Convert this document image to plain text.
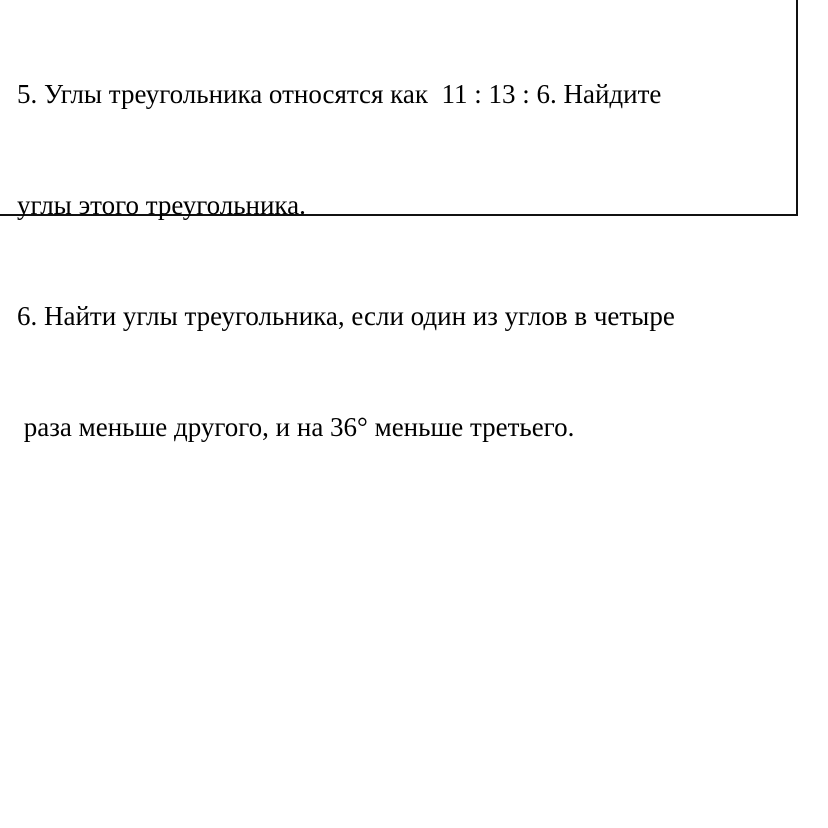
5. Углы треугольника относятся как  11 : 13 : 6. Найдите

углы этого треугольника.

6. Найти углы треугольника, если один из углов в четыре

раза меньше другого, и на 36° меньше третьего.
